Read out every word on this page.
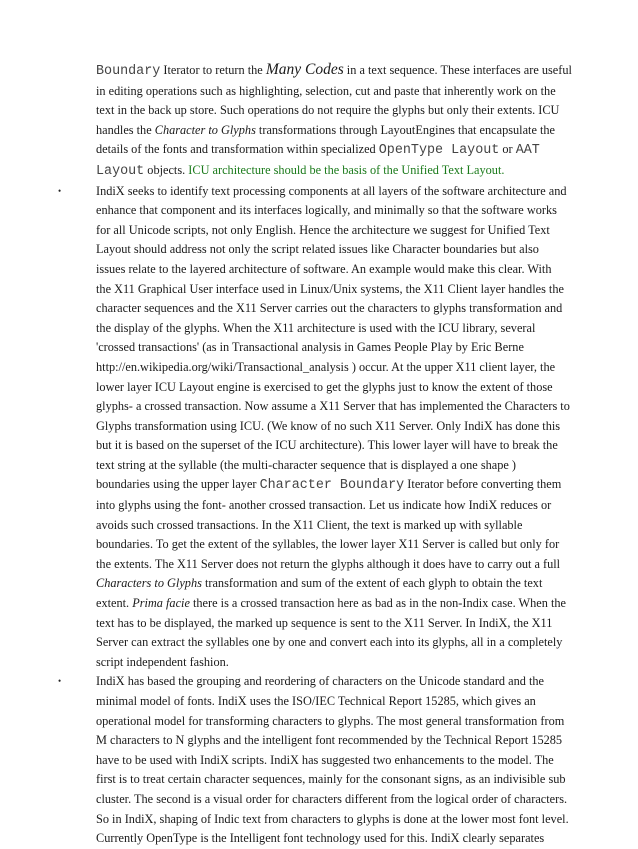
Boundary Iterator to return the Many Codes in a text sequence. These interfaces are useful
in editing operations such as highlighting, selection, cut and paste that inherently work on the
text in the back up store. Such operations do not require the glyphs but only their extents. ICU
handles the Character to Glyphs transformations through LayoutEngines that encapsulate the
details of the fonts and transformation within specialized OpenType Layout or AAT
Layout objects. ICU architecture should be the basis of the Unified Text Layout.
•	IndiX seeks to identify text processing components at all layers of the software architecture and
enhance that component and its interfaces logically, and minimally so that the software works
for all Unicode scripts, not only English. Hence the architecture we suggest for Unified Text
Layout should address not only the script related issues like Character boundaries but also
issues relate to the layered architecture of software. An example would make this clear. With
the X11 Graphical User interface used in Linux/Unix systems, the X11 Client layer handles the
character sequences and the X11 Server carries out the characters to glyphs transformation and
the display of the glyphs. When the X11 architecture is used with the ICU library, several
'crossed transactions' (as in Transactional analysis in Games People Play by Eric Berne
http://en.wikipedia.org/wiki/Transactional_analysis ) occur. At the upper X11 client layer, the
lower layer ICU Layout engine is exercised to get the glyphs just to know the extent of those
glyphs- a crossed transaction. Now assume a X11 Server that has implemented the Characters to
Glyphs transformation using ICU. (We know of no such X11 Server. Only IndiX has done this
but it is based on the superset of the ICU architecture). This lower layer will have to break the
text string at the syllable (the multi-character sequence that is displayed a one shape )
boundaries using the upper layer Character Boundary Iterator before converting them
into glyphs using the font- another crossed transaction. Let us indicate how IndiX reduces or
avoids such crossed transactions. In the X11 Client, the text is marked up with syllable
boundaries. To get the extent of the syllables, the lower layer X11 Server is called but only for
the extents. The X11 Server does not return the glyphs although it does have to carry out a full
Characters to Glyphs transformation and sum of the extent of each glyph to obtain the text
extent. Prima facie there is a crossed transaction here as bad as in the non-Indix case. When the
text has to be displayed, the marked up sequence is sent to the X11 Server. In IndiX, the X11
Server can extract the syllables one by one and convert each into its glyphs, all in a completely
script independent fashion.
•	IndiX has based the grouping and reordering of characters on the Unicode standard and the
minimal model of fonts. IndiX uses the ISO/IEC Technical Report 15285, which gives an
operational model for transforming characters to glyphs. The most general transformation from
M characters to N glyphs and the intelligent font recommended by the Technical Report 15285
have to be used with IndiX scripts. IndiX has suggested two enhancements to the model. The
first is to treat certain character sequences, mainly for the consonant signs, as an indivisible sub
cluster. The second is a visual order for characters different from the logical order of characters.
So in IndiX, shaping of Indic text from characters to glyphs is done at the lower most font level.
Currently OpenType is the Intelligent font technology used for this. IndiX clearly separates
